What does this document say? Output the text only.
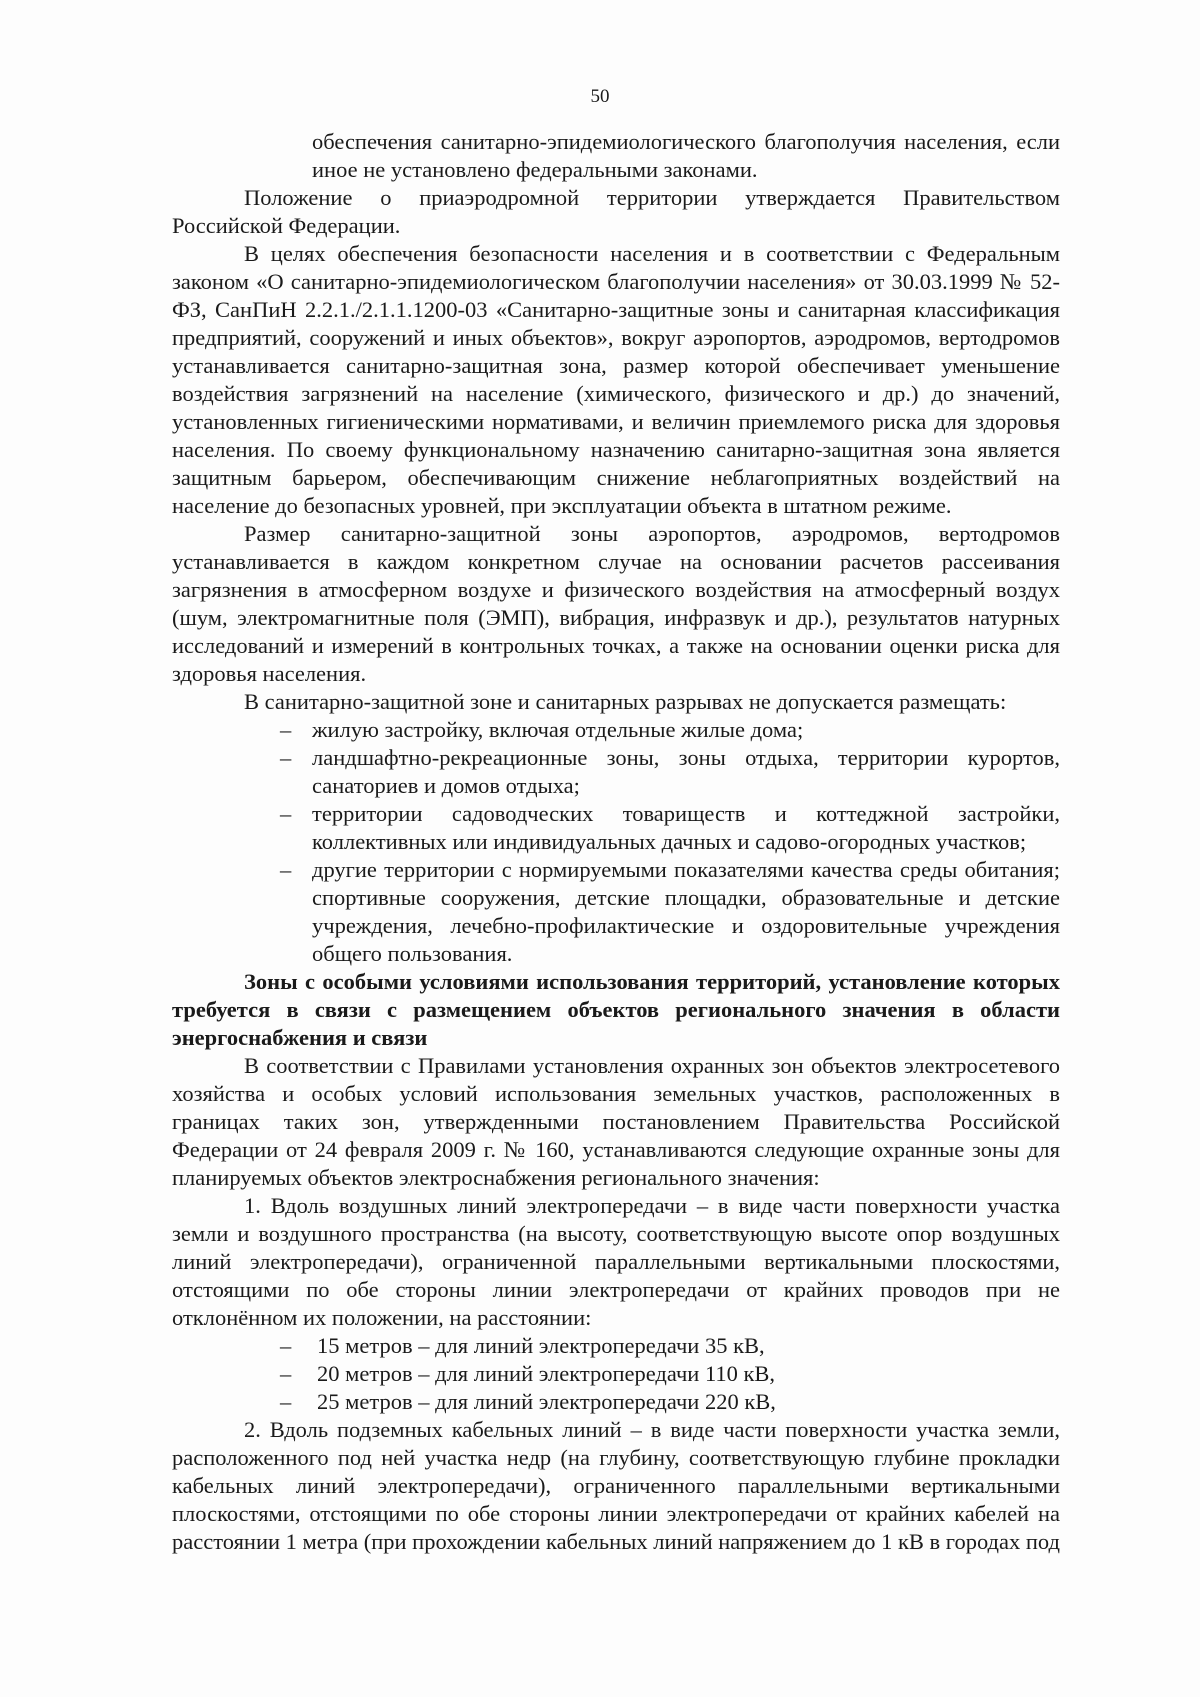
50

обеспечения санитарно-эпидемиологического благополучия населения, если иное не установлено федеральными законами.

Положение о приаэродромной территории утверждается Правительством Российской Федерации.

В целях обеспечения безопасности населения и в соответствии с Федеральным законом «О санитарно-эпидемиологическом благополучии населения» от 30.03.1999 № 52-ФЗ, СанПиН 2.2.1./2.1.1.1200-03 «Санитарно-защитные зоны и санитарная классификация предприятий, сооружений и иных объектов», вокруг аэропортов, аэродромов, вертодромов устанавливается санитарно-защитная зона, размер которой обеспечивает уменьшение воздействия загрязнений на население (химического, физического и др.) до значений, установленных гигиеническими нормативами, и величин приемлемого риска для здоровья населения. По своему функциональному назначению санитарно-защитная зона является защитным барьером, обеспечивающим снижение неблагоприятных воздействий на население до безопасных уровней, при эксплуатации объекта в штатном режиме.

Размер санитарно-защитной зоны аэропортов, аэродромов, вертодромов устанавливается в каждом конкретном случае на основании расчетов рассеивания загрязнения в атмосферном воздухе и физического воздействия на атмосферный воздух (шум, электромагнитные поля (ЭМП), вибрация, инфразвук и др.), результатов натурных исследований и измерений в контрольных точках, а также на основании оценки риска для здоровья населения.

В санитарно-защитной зоне и санитарных разрывах не допускается размещать:

– жилую застройку, включая отдельные жилые дома;
– ландшафтно-рекреационные зоны, зоны отдыха, территории курортов, санаториев и домов отдыха;
– территории садоводческих товариществ и коттеджной застройки, коллективных или индивидуальных дачных и садово-огородных участков;
– другие территории с нормируемыми показателями качества среды обитания; спортивные сооружения, детские площадки, образовательные и детские учреждения, лечебно-профилактические и оздоровительные учреждения общего пользования.

Зоны с особыми условиями использования территорий, установление которых требуется в связи с размещением объектов регионального значения в области энергоснабжения и связи

В соответствии с Правилами установления охранных зон объектов электросетевого хозяйства и особых условий использования земельных участков, расположенных в границах таких зон, утвержденными постановлением Правительства Российской Федерации от 24 февраля 2009 г. № 160, устанавливаются следующие охранные зоны для планируемых объектов электроснабжения регионального значения:

1. Вдоль воздушных линий электропередачи – в виде части поверхности участка земли и воздушного пространства (на высоту, соответствующую высоте опор воздушных линий электропередачи), ограниченной параллельными вертикальными плоскостями, отстоящими по обе стороны линии электропередачи от крайних проводов при не отклонённом их положении, на расстоянии:

– 15 метров – для линий электропередачи 35 кВ,
– 20 метров – для линий электропередачи 110 кВ,
– 25 метров – для линий электропередачи 220 кВ,

2. Вдоль подземных кабельных линий – в виде части поверхности участка земли, расположенного под ней участка недр (на глубину, соответствующую глубине прокладки кабельных линий электропередачи), ограниченного параллельными вертикальными плоскостями, отстоящими по обе стороны линии электропередачи от крайних кабелей на расстоянии 1 метра (при прохождении кабельных линий напряжением до 1 кВ в городах под
